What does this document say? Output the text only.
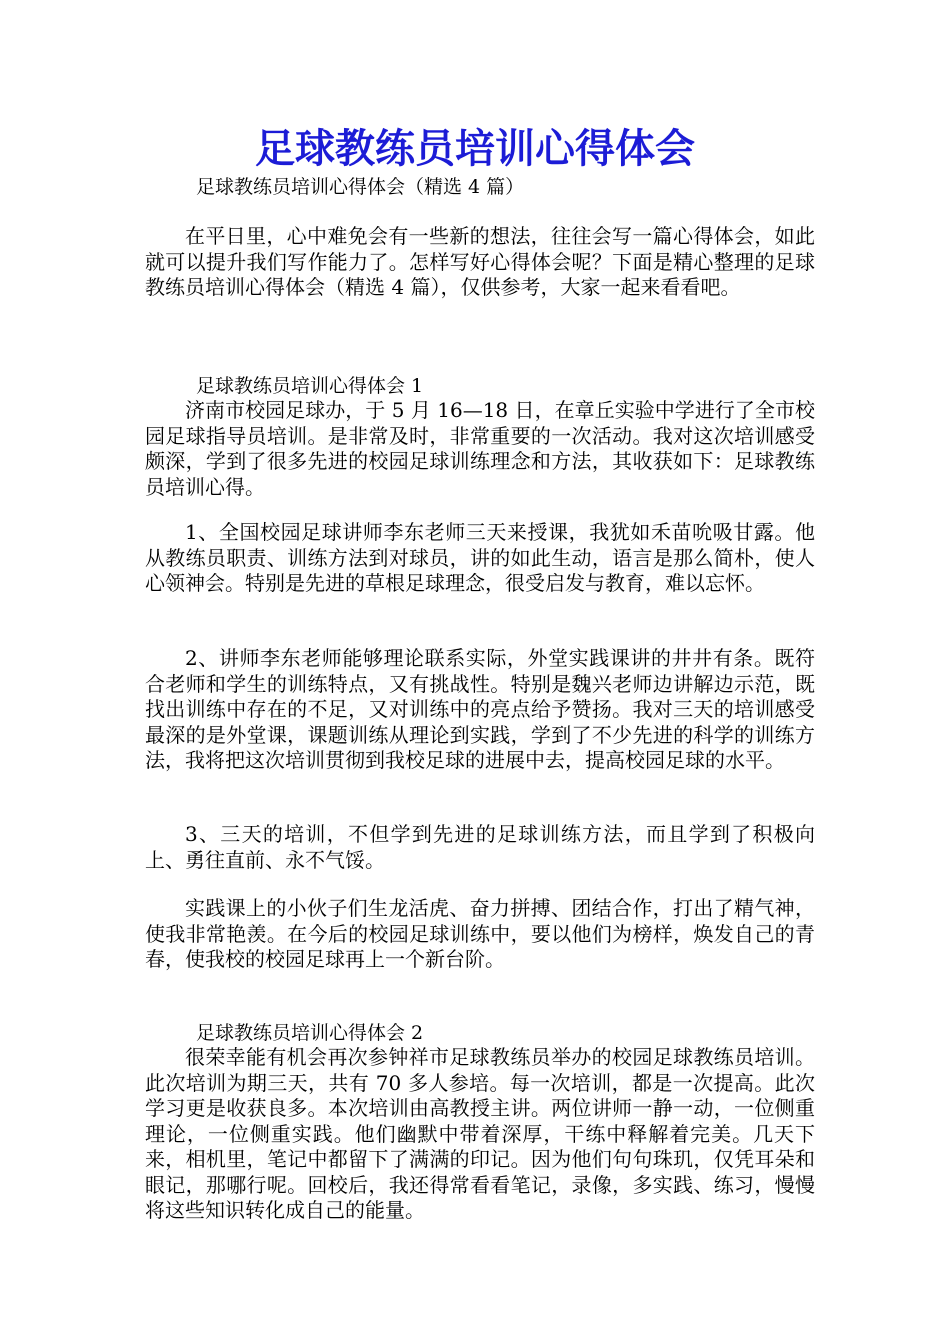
足球教练员培训心得体会

足球教练员培训心得体会（精选 4 篇）

在平日里，心中难免会有一些新的想法，往往会写一篇心得体会，如此就可以提升我们写作能力了。怎样写好心得体会呢？下面是精心整理的足球教练员培训心得体会（精选 4 篇），仅供参考，大家一起来看看吧。

足球教练员培训心得体会 1

济南市校园足球办，于 5 月 16—18 日，在章丘实验中学进行了全市校园足球指导员培训。是非常及时，非常重要的一次活动。我对这次培训感受颇深，学到了很多先进的校园足球训练理念和方法，其收获如下：足球教练员培训心得。

1、全国校园足球讲师李东老师三天来授课，我犹如禾苗吮吸甘露。他从教练员职责、训练方法到对球员，讲的如此生动，语言是那么简朴，使人心领神会。特别是先进的草根足球理念，很受启发与教育，难以忘怀。

2、讲师李东老师能够理论联系实际，外堂实践课讲的井井有条。既符合老师和学生的训练特点，又有挑战性。特别是魏兴老师边讲解边示范，既找出训练中存在的不足，又对训练中的亮点给予赞扬。我对三天的培训感受最深的是外堂课，课题训练从理论到实践，学到了不少先进的科学的训练方法，我将把这次培训贯彻到我校足球的进展中去，提高校园足球的水平。

3、三天的培训，不但学到先进的足球训练方法，而且学到了积极向上、勇往直前、永不气馁。

实践课上的小伙子们生龙活虎、奋力拼搏、团结合作，打出了精气神，使我非常艳羡。在今后的校园足球训练中，要以他们为榜样，焕发自己的青春，使我校的校园足球再上一个新台阶。

足球教练员培训心得体会 2

很荣幸能有机会再次参钟祥市足球教练员举办的校园足球教练员培训。此次培训为期三天，共有 70 多人参培。每一次培训，都是一次提高。此次学习更是收获良多。本次培训由高教授主讲。两位讲师一静一动，一位侧重理论，一位侧重实践。他们幽默中带着深厚，干练中释解着完美。几天下来，相机里，笔记中都留下了满满的印记。因为他们句句珠玑，仅凭耳朵和眼记，那哪行呢。回校后，我还得常看看笔记，录像，多实践、练习，慢慢将这些知识转化成自己的能量。
